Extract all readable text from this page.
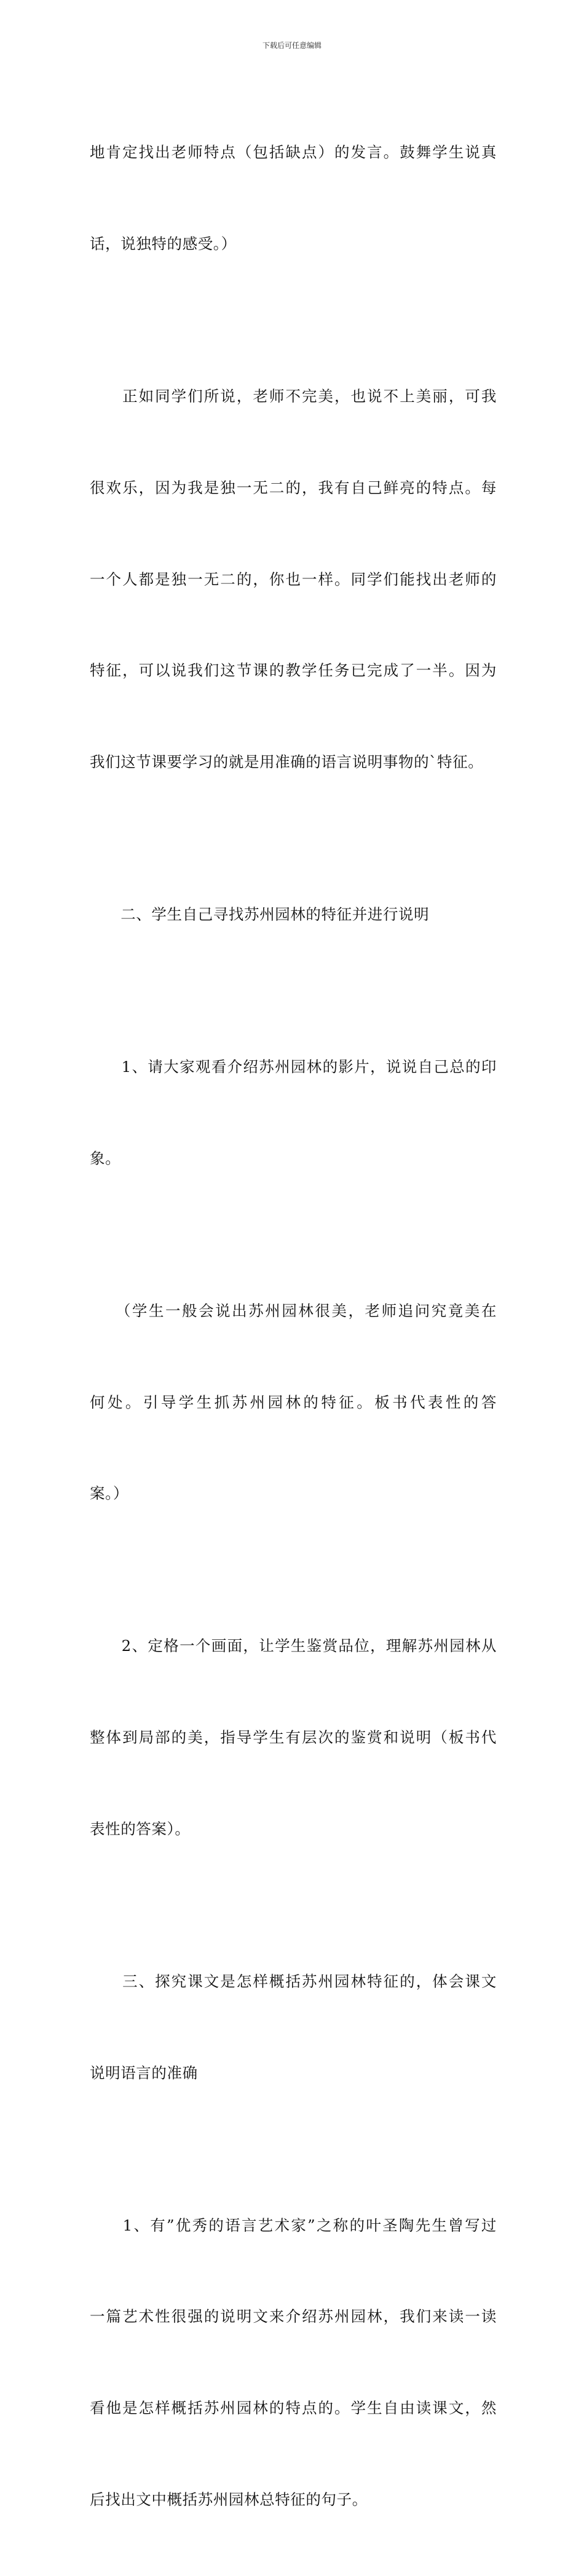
下载后可任意编辑

地肯定找出老师特点（包括缺点）的发言。鼓舞学生说真

话，说独特的感受。）

　　正如同学们所说，老师不完美，也说不上美丽，可我

很欢乐，因为我是独一无二的，我有自己鲜亮的特点。每

一个人都是独一无二的，你也一样。同学们能找出老师的

特征，可以说我们这节课的教学任务已完成了一半。因为

我们这节课要学习的就是用准确的语言说明事物的`特征。

　　二、学生自己寻找苏州园林的特征并进行说明

　　1、请大家观看介绍苏州园林的影片，说说自己总的印

象。

　　（学生一般会说出苏州园林很美，老师追问究竟美在

何处。引导学生抓苏州园林的特征。板书代表性的答

案。）

　　2、定格一个画面，让学生鉴赏品位，理解苏州园林从

整体到局部的美，指导学生有层次的鉴赏和说明（板书代

表性的答案）。

　　三、探究课文是怎样概括苏州园林特征的，体会课文

说明语言的准确

　　1、有”优秀的语言艺术家”之称的叶圣陶先生曾写过

一篇艺术性很强的说明文来介绍苏州园林，我们来读一读

看他是怎样概括苏州园林的特点的。学生自由读课文，然

后找出文中概括苏州园林总特征的句子。
